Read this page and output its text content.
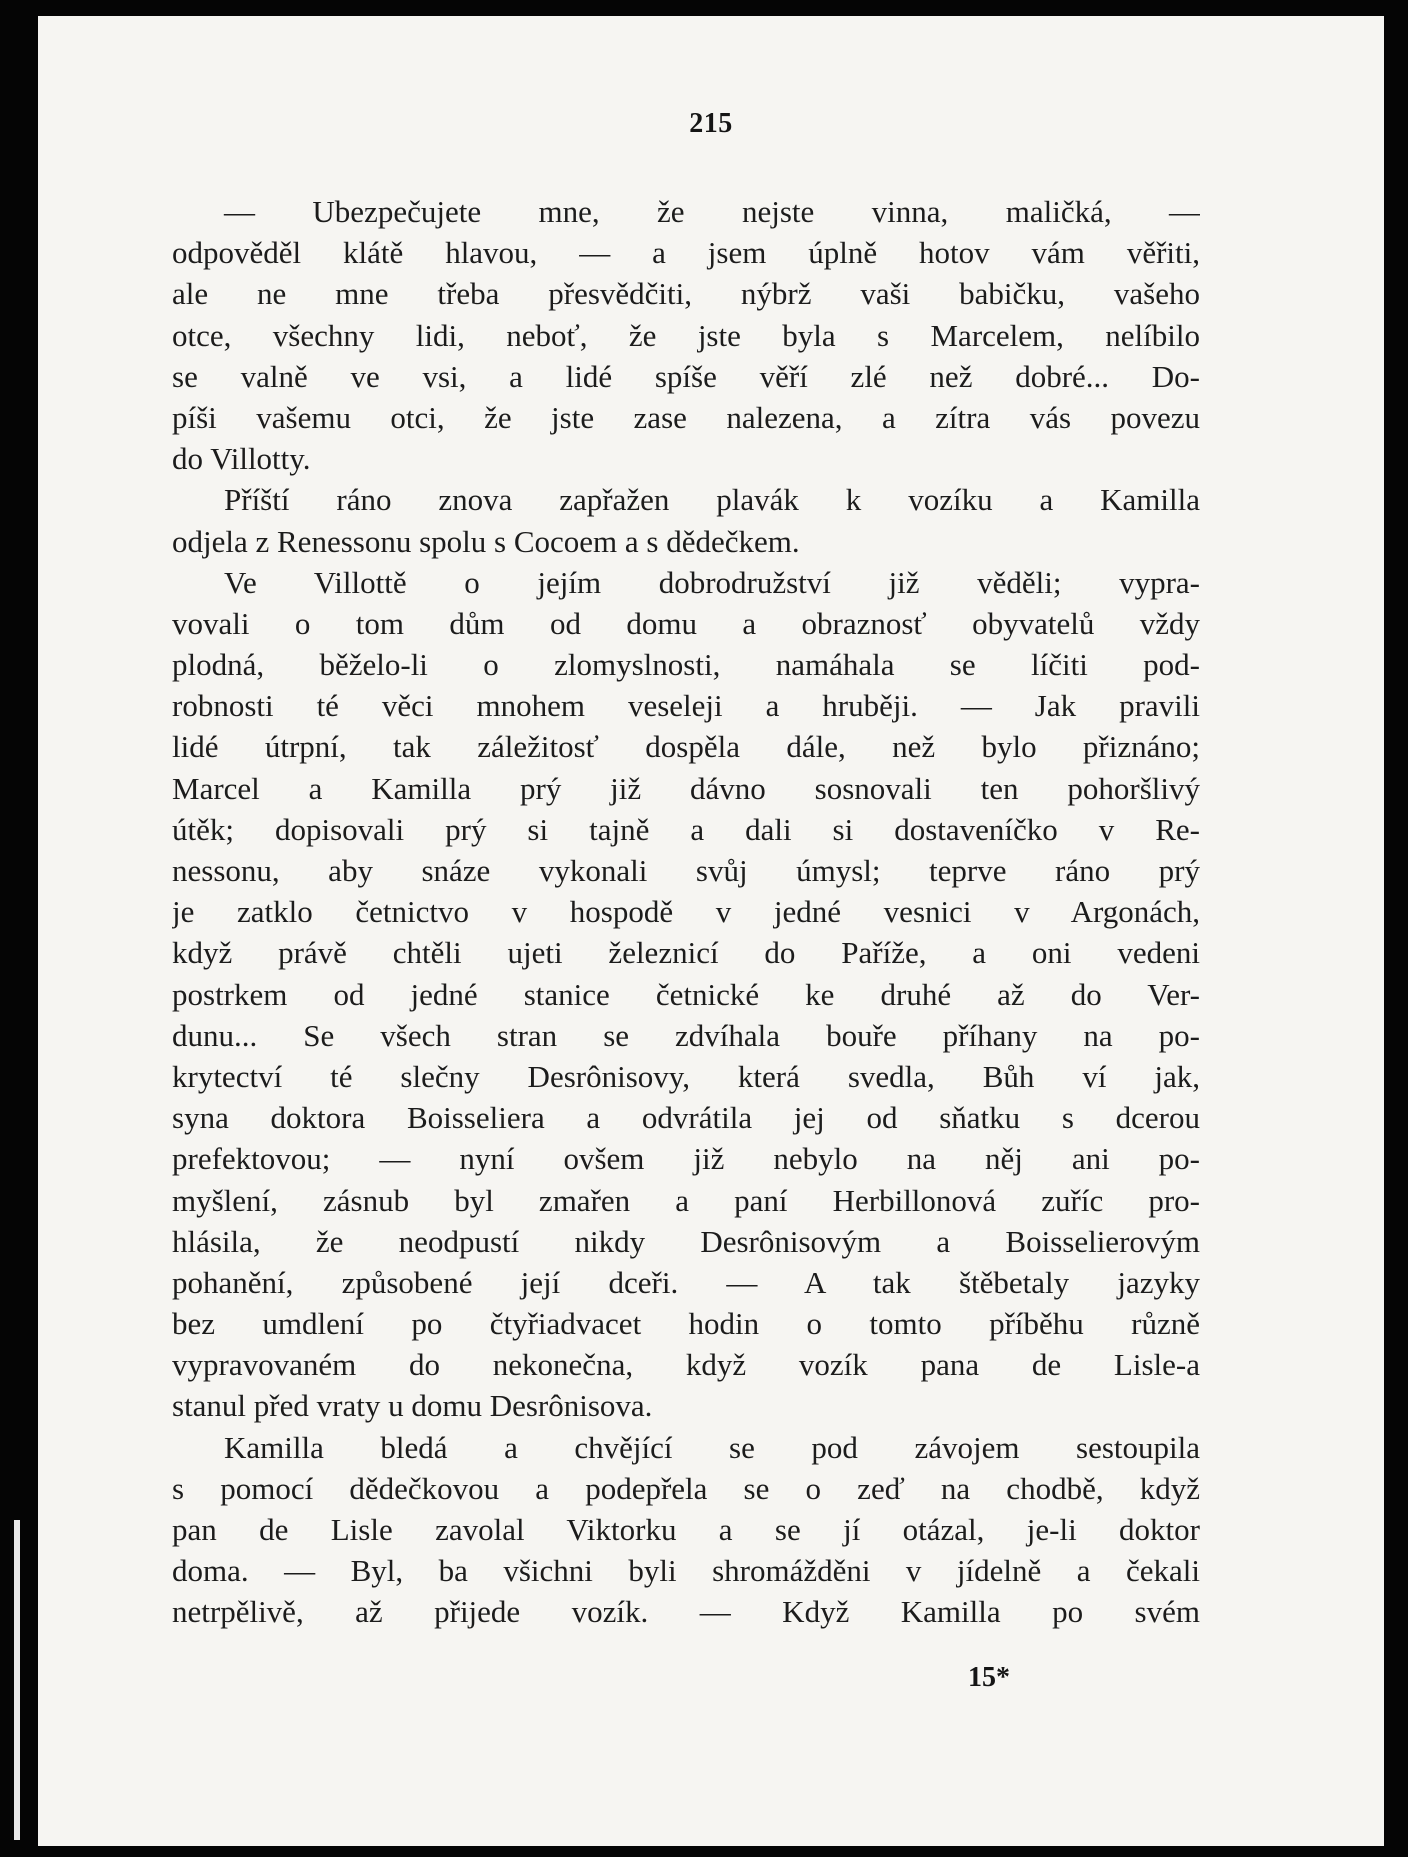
215
— Ubezpečujete mne, že nejste vinna, maličká, —
odpověděl klátě hlavou, — a jsem úplně hotov vám věřiti,
ale ne mne třeba přesvědčiti, nýbrž vaši babičku, vašeho
otce, všechny lidi, neboť, že jste byla s Marcelem, nelíbilo
se valně ve vsi, a lidé spíše věří zlé než dobré... Do-
píši vašemu otci, že jste zase nalezena, a zítra vás povezu
do Villotty.
Příští ráno znova zapřažen plavák k vozíku a Kamilla
odjela z Renessonu spolu s Cocoem a s dědečkem.
Ve Villottě o jejím dobrodružství již věděli; vypra-
vovali o tom dům od domu a obraznosť obyvatelů vždy
plodná, běželo-li o zlomyslnosti, namáhala se líčiti pod-
robnosti té věci mnohem veseleji a hruběji. — Jak pravili
lidé útrpní, tak záležitosť dospěla dále, než bylo přiznáno;
Marcel a Kamilla prý již dávno sosnovali ten pohoršlivý
útěk; dopisovali prý si tajně a dali si dostaveníčko v Re-
nessonu, aby snáze vykonali svůj úmysl; teprve ráno prý
je zatklo četnictvo v hospodě v jedné vesnici v Argonách,
když právě chtěli ujeti železnicí do Paříže, a oni vedeni
postrkem od jedné stanice četnické ke druhé až do Ver-
dunu... Se všech stran se zdvíhala bouře příhany na po-
krytectví té slečny Desrônisovy, která svedla, Bůh ví jak,
syna doktora Boisseliera a odvrátila jej od sňatku s dcerou
prefektovou; — nyní ovšem již nebylo na něj ani po-
myšlení, zásnub byl zmařen a paní Herbillonová zuříc pro-
hlásila, že neodpustí nikdy Desrônisovým a Boisselierovým
pohanění, způsobené její dceři. — A tak štěbetaly jazyky
bez umdlení po čtyřiadvacet hodin o tomto příběhu různě
vypravovaném do nekonečna, když vozík pana de Lisle-a
stanul před vraty u domu Desrônisova.
Kamilla bledá a chvějící se pod závojem sestoupila
s pomocí dědečkovou a podepřela se o zeď na chodbě, když
pan de Lisle zavolal Viktorku a se jí otázal, je-li doktor
doma. — Byl, ba všichni byli shromážděni v jídelně a čekali
netrpělivě, až přijede vozík. — Když Kamilla po svém
15*
